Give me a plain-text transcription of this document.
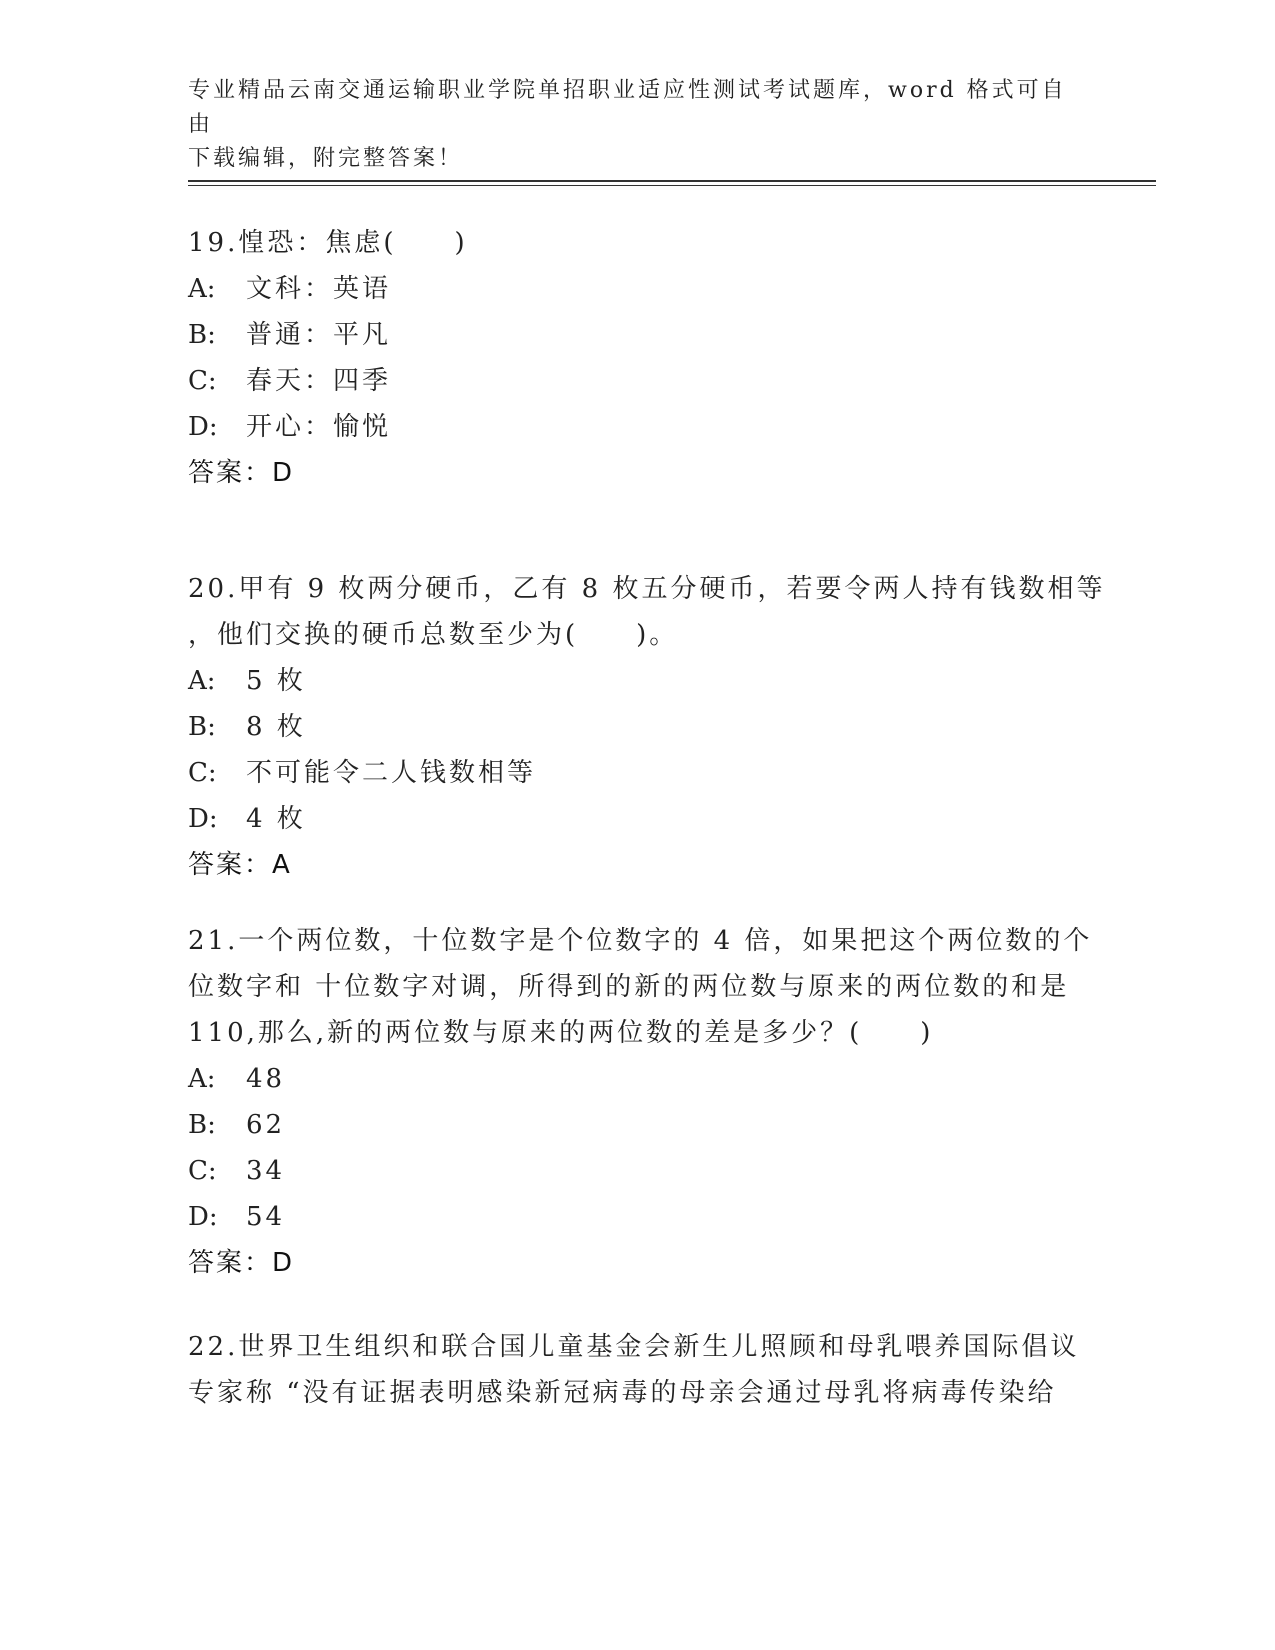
专业精品云南交通运输职业学院单招职业适应性测试考试题库，word 格式可自由
下载编辑，附完整答案！
19.惶恐：焦虑(　　)
A: 文科：英语
B: 普通：平凡
C: 春天：四季
D: 开心：愉悦
答案：D
20.甲有 9 枚两分硬币，乙有 8 枚五分硬币，若要令两人持有钱数相等
，他们交换的硬币总数至少为(　　)。
A: 5 枚
B: 8 枚
C: 不可能令二人钱数相等
D: 4 枚
答案：A
21.一个两位数，十位数字是个位数字的 4 倍，如果把这个两位数的个
位数字和 十位数字对调，所得到的新的两位数与原来的两位数的和是
110,那么,新的两位数与原来的两位数的差是多少？(　　)
A: 48
B: 62
C: 34
D: 54
答案：D
22.世界卫生组织和联合国儿童基金会新生儿照顾和母乳喂养国际倡议
专家称 “没有证据表明感染新冠病毒的母亲会通过母乳将病毒传染给
